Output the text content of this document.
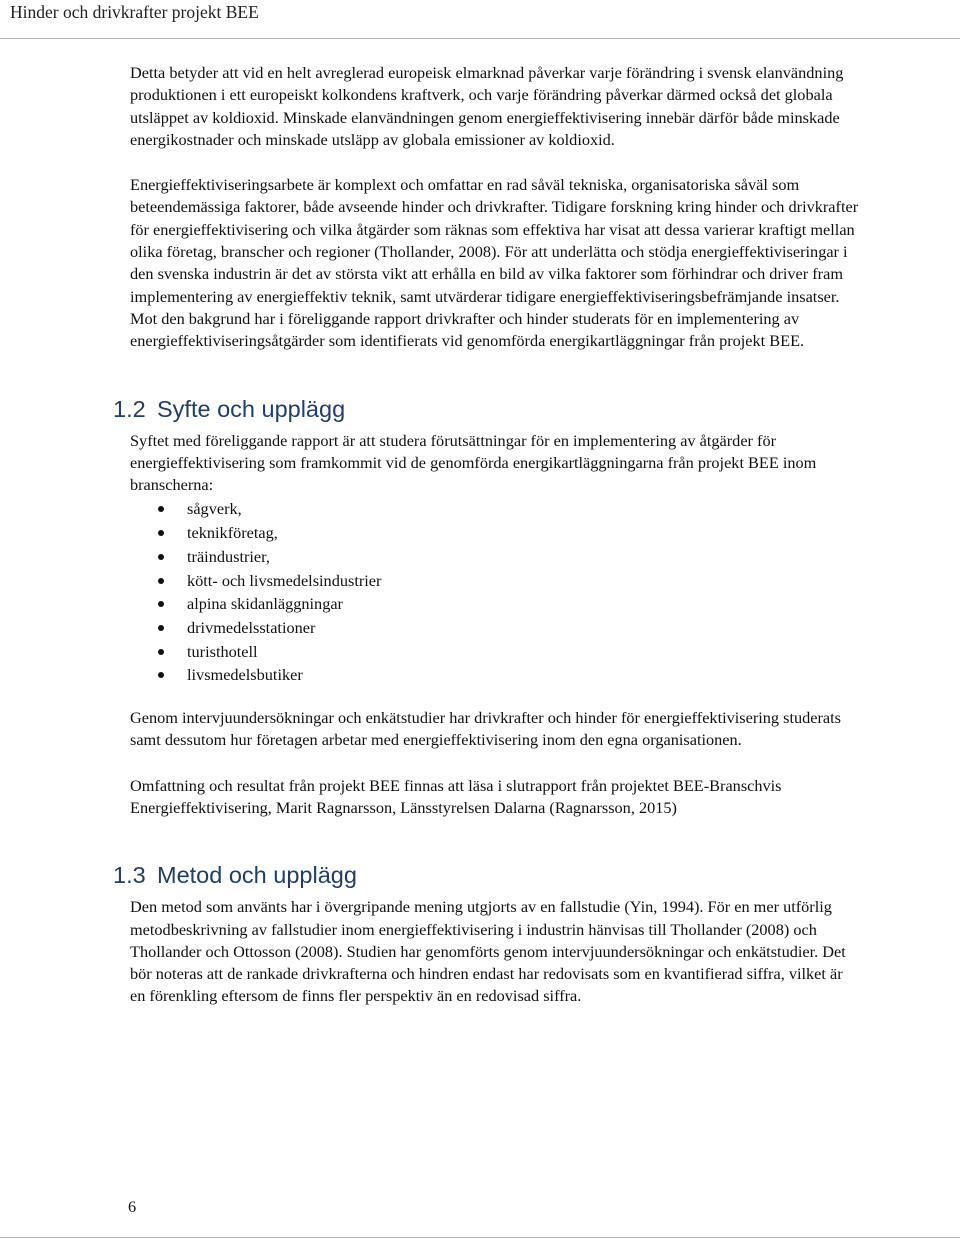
Hinder och drivkrafter projekt BEE

Detta betyder att vid en helt avreglerad europeisk elmarknad påverkar varje förändring i svensk elanvändning produktionen i ett europeiskt kolkondens kraftverk, och varje förändring påverkar därmed också det globala utsläppet av koldioxid. Minskade elanvändningen genom energieffektivisering innebär därför både minskade energikostnader och minskade utsläpp av globala emissioner av koldioxid.

Energieffektiviseringsarbete är komplext och omfattar en rad såväl tekniska, organisatoriska såväl som beteendemässiga faktorer, både avseende hinder och drivkrafter. Tidigare forskning kring hinder och drivkrafter för energieffektivisering och vilka åtgärder som räknas som effektiva har visat att dessa varierar kraftigt mellan olika företag, branscher och regioner (Thollander, 2008). För att underlätta och stödja energieffektiviseringar i den svenska industrin är det av största vikt att erhålla en bild av vilka faktorer som förhindrar och driver fram implementering av energieffektiv teknik, samt utvärderar tidigare energieffektiviseringsbefrämjande insatser. Mot den bakgrund har i föreliggande rapport drivkrafter och hinder studerats för en implementering av energieffektiviseringsåtgärder som identifierats vid genomförda energikartläggningar från projekt BEE.

1.2 Syfte och upplägg

Syftet med föreliggande rapport är att studera förutsättningar för en implementering av åtgärder för energieffektivisering som framkommit vid de genomförda energikartläggningarna från projekt BEE inom branscherna:

sågverk,
teknikföretag,
träindustrier,
kött- och livsmedelsindustrier
alpina skidanläggningar
drivmedelsstationer
turisthotell
livsmedelsbutiker

Genom intervjuundersökningar och enkätstudier har drivkrafter och hinder för energieffektivisering studerats samt dessutom hur företagen arbetar med energieffektivisering inom den egna organisationen.

Omfattning och resultat från projekt BEE finnas att läsa i slutrapport från projektet BEE-Branschvis Energieffektivisering, Marit Ragnarsson, Länsstyrelsen Dalarna (Ragnarsson, 2015)

1.3 Metod och upplägg

Den metod som använts har i övergripande mening utgjorts av en fallstudie (Yin, 1994). För en mer utförlig metodbeskrivning av fallstudier inom energieffektivisering i industrin hänvisas till Thollander (2008) och Thollander och Ottosson (2008). Studien har genomförts genom intervjuundersökningar och enkätstudier. Det bör noteras att de rankade drivkrafterna och hindren endast har redovisats som en kvantifierad siffra, vilket är en förenkling eftersom de finns fler perspektiv än en redovisad siffra.

6
